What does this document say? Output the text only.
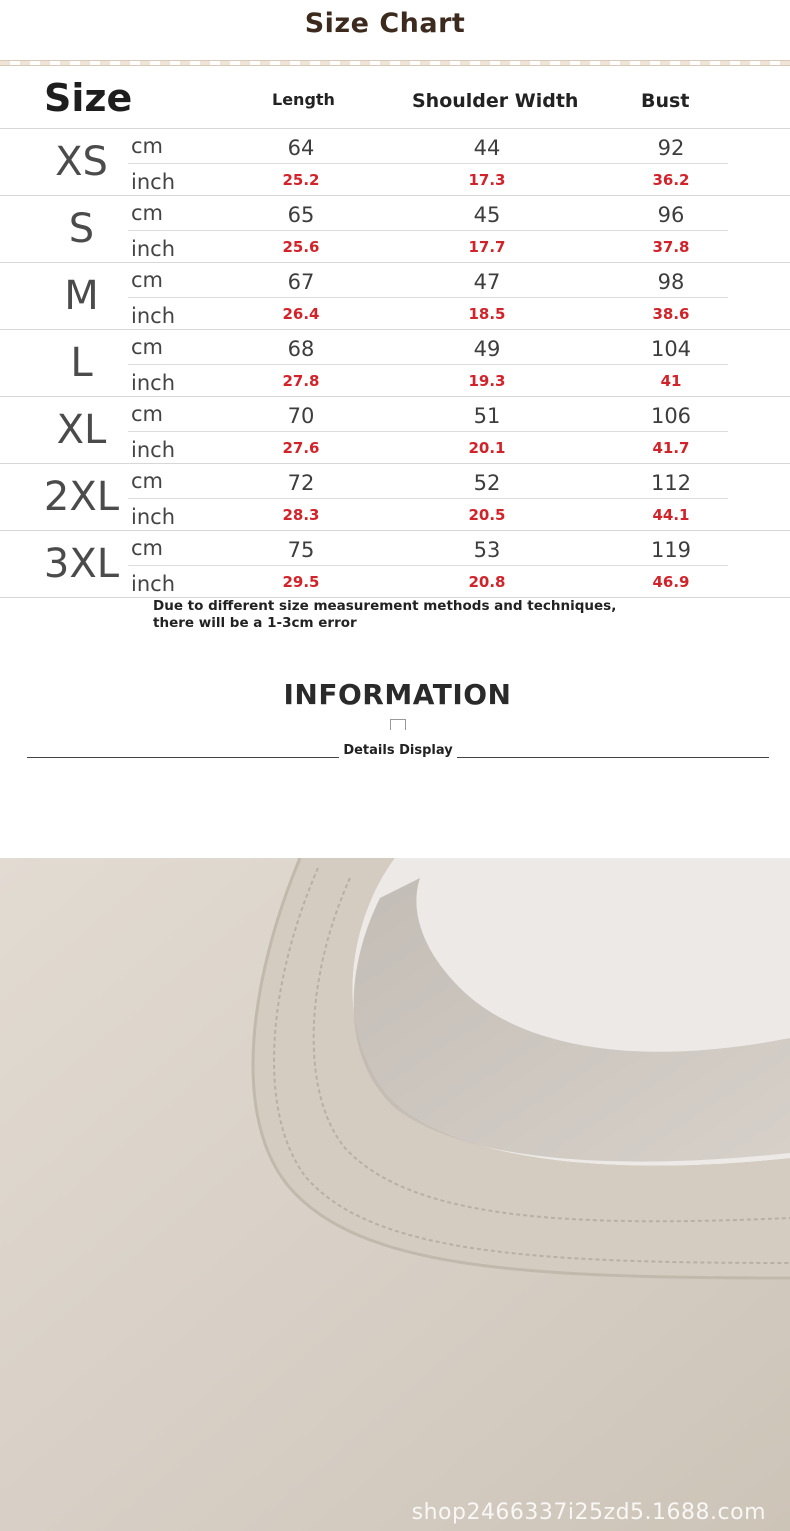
Size Chart
Size	Length	Shoulder Width	Bust
XS	cm	64	44	92
inch	25.2	17.3	36.2
S	cm	65	45	96
inch	25.6	17.7	37.8
M	cm	67	47	98
inch	26.4	18.5	38.6
L	cm	68	49	104
inch	27.8	19.3	41
XL	cm	70	51	106
inch	27.6	20.1	41.7
2XL cm	72	52	112
inch	28.3	20.5	44.1
3XL cm	75	53	119
inch	29.5	20.8	46.9
Due to different size measurement methods and techniques, there will be a 1-3cm error
INFORMATION
Details Display
shop2466337i25zd5.1688.com
